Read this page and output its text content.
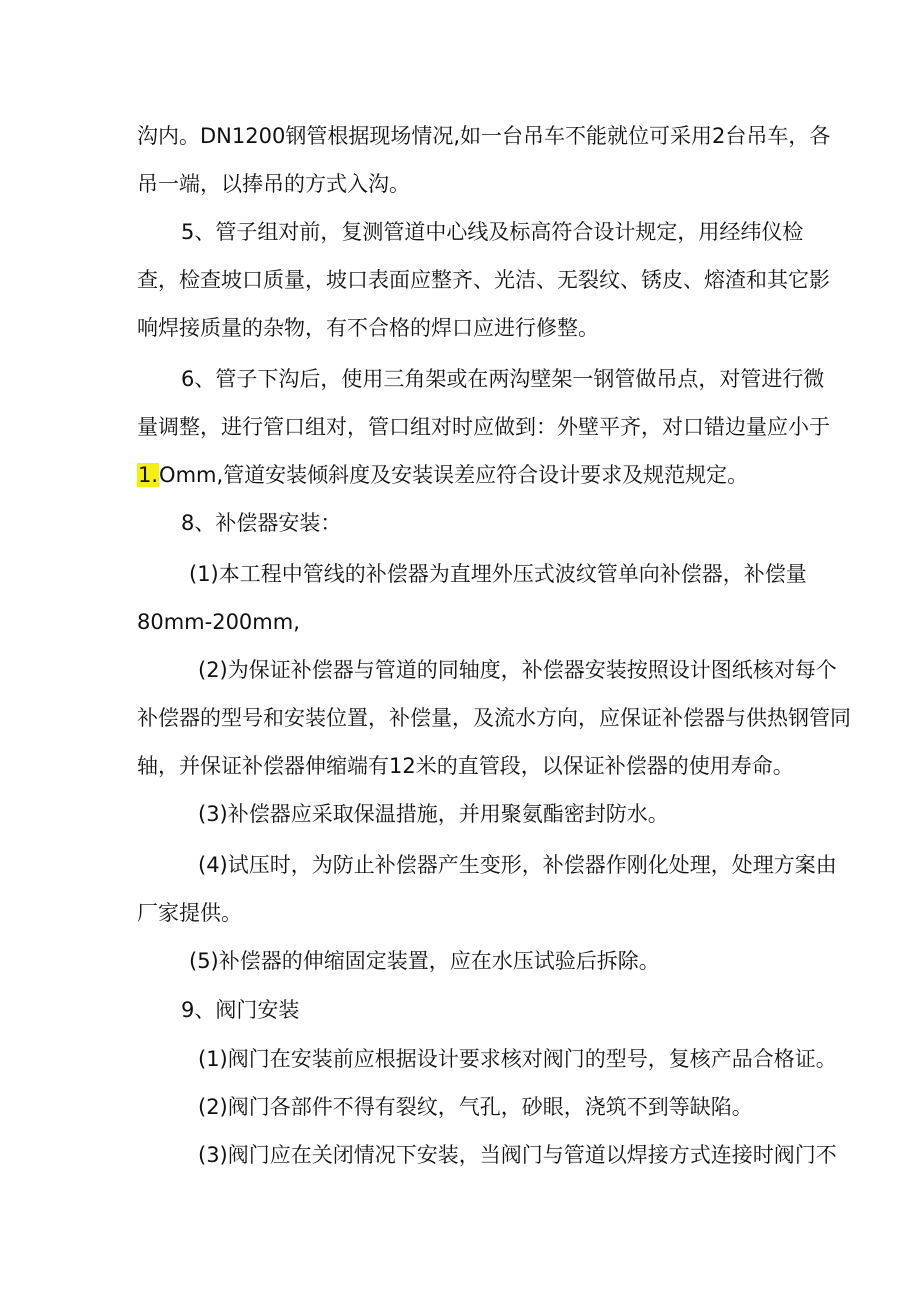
沟内。DN1200钢管根据现场情况,如一台吊车不能就位可采用2台吊车，各
吊一端，以捧吊的方式入沟。
5、管子组对前，复测管道中心线及标高符合设计规定，用经纬仪检
查，检查坡口质量，坡口表面应整齐、光洁、无裂纹、锈皮、熔渣和其它影
响焊接质量的杂物，有不合格的焊口应进行修整。
6、管子下沟后，使用三角架或在两沟壁架一钢管做吊点，对管进行微
量调整，进行管口组对，管口组对时应做到：外壁平齐，对口错边量应小于
1.Omm,管道安装倾斜度及安装误差应符合设计要求及规范规定。
8、补偿器安装：
(1)本工程中管线的补偿器为直埋外压式波纹管单向补偿器，补偿量
80mm-200mm,
(2)为保证补偿器与管道的同轴度，补偿器安装按照设计图纸核对每个
补偿器的型号和安装位置，补偿量，及流水方向，应保证补偿器与供热钢管同
轴，并保证补偿器伸缩端有12米的直管段，以保证补偿器的使用寿命。
(3)补偿器应采取保温措施，并用聚氨酯密封防水。
(4)试压时，为防止补偿器产生变形，补偿器作刚化处理，处理方案由
厂家提供。
(5)补偿器的伸缩固定装置，应在水压试验后拆除。
9、阀门安装
(1)阀门在安装前应根据设计要求核对阀门的型号，复核产品合格证。
(2)阀门各部件不得有裂纹，气孔，砂眼，浇筑不到等缺陷。
(3)阀门应在关闭情况下安装，当阀门与管道以焊接方式连接时阀门不
